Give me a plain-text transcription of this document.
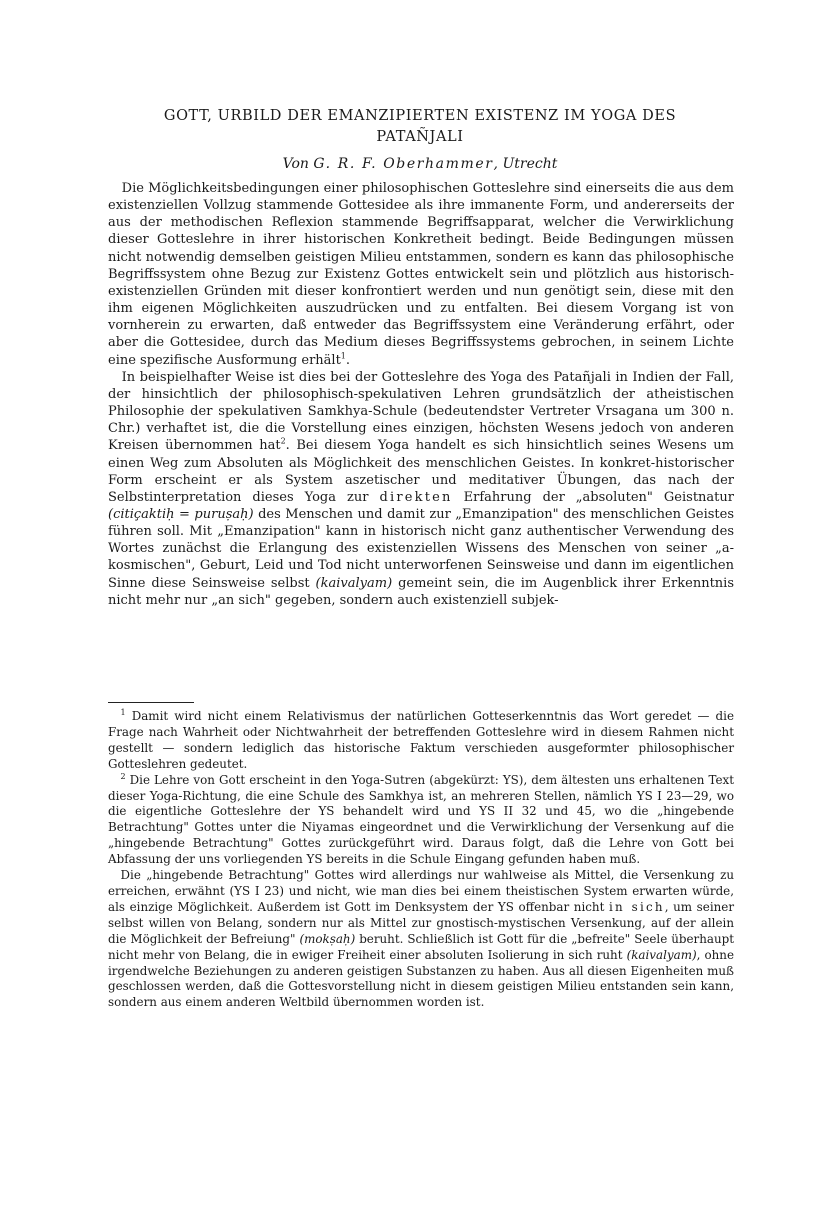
GOTT, URBILD DER EMANZIPIERTEN EXISTENZ IM YOGA DES
PATAÑJALI
Von G. R. F. Oberhammer, Utrecht

Die Möglichkeitsbedingungen einer philosophischen Gotteslehre sind einerseits die aus dem existenziellen Vollzug stammende Gottesidee als ihre immanente Form, und andererseits der aus der methodischen Reflexion stammende Begriffsapparat, welcher die Verwirklichung dieser Gotteslehre in ihrer historischen Konkretheit bedingt. Beide Bedingungen müssen nicht notwendig demselben geistigen Milieu entstammen, sondern es kann das philosophische Begriffssystem ohne Bezug zur Existenz Gottes entwickelt sein und plötzlich aus historisch-existenziellen Gründen mit dieser konfrontiert werden und nun genötigt sein, diese mit den ihm eigenen Möglichkeiten auszudrücken und zu entfalten. Bei diesem Vorgang ist von vornherein zu erwarten, daß entweder das Begriffssystem eine Veränderung erfährt, oder aber die Gottesidee, durch das Medium dieses Begriffssystems gebrochen, in seinem Lichte eine spezifische Ausformung erhält$^1$.

In beispielhafter Weise ist dies bei der Gotteslehre des Yoga des Patañjali in Indien der Fall, der hinsichtlich der philosophisch-spekulativen Lehren grundsätzlich der atheistischen Philosophie der spekulativen Samkhya-Schule (bedeutendster Vertreter Vrsagana um 300 n. Chr.) verhaftet ist, die die Vorstellung eines einzigen, höchsten Wesens jedoch von anderen Kreisen übernommen hat$^2$. Bei diesem Yoga handelt es sich hinsichtlich seines Wesens um einen Weg zum Absoluten als Möglichkeit des menschlichen Geistes. In konkret-historischer Form erscheint er als System aszetischer und meditativer Übungen, das nach der Selbstinterpretation dieses Yoga zur direkten Erfahrung der „absoluten" Geistnatur (citiçaktiḥ = puruṣaḥ) des Menschen und damit zur „Emanzipation" des menschlichen Geistes führen soll. Mit „Emanzipation" kann in historisch nicht ganz authentischer Verwendung des Wortes zunächst die Erlangung des existenziellen Wissens des Menschen von seiner „a-kosmischen", Geburt, Leid und Tod nicht unterworfenen Seinsweise und dann im eigentlichen Sinne diese Seinsweise selbst (kaivalyam) gemeint sein, die im Augenblick ihrer Erkenntnis nicht mehr nur „an sich" gegeben, sondern auch existenziell subjek-

$^1$ Damit wird nicht einem Relativismus der natürlichen Gotteserkenntnis das Wort geredet — die Frage nach Wahrheit oder Nichtwahrheit der betreffenden Gotteslehre wird in diesem Rahmen nicht gestellt — sondern lediglich das historische Faktum verschieden ausgeformter philosophischer Gotteslehren gedeutet.

$^2$ Die Lehre von Gott erscheint in den Yoga-Sutren (abgekürzt: YS), dem ältesten uns erhaltenen Text dieser Yoga-Richtung, die eine Schule des Samkhya ist, an mehreren Stellen, nämlich YS I 23—29, wo die eigentliche Gotteslehre der YS behandelt wird und YS II 32 und 45, wo die „hingebende Betrachtung" Gottes unter die Niyamas eingeordnet und die Verwirklichung der Versenkung auf die „hingebende Betrachtung" Gottes zurückgeführt wird. Daraus folgt, daß die Lehre von Gott bei Abfassung der uns vorliegenden YS bereits in die Schule Eingang gefunden haben muß.

Die „hingebende Betrachtung" Gottes wird allerdings nur wahlweise als Mittel, die Versenkung zu erreichen, erwähnt (YS I 23) und nicht, wie man dies bei einem theistischen System erwarten würde, als einzige Möglichkeit. Außerdem ist Gott im Denksystem der YS offenbar nicht in sich, um seiner selbst willen von Belang, sondern nur als Mittel zur gnostisch-mystischen Versenkung, auf der allein die Möglichkeit der Befreiung" (mokṣaḥ) beruht. Schließlich ist Gott für die „befreite" Seele überhaupt nicht mehr von Belang, die in ewiger Freiheit einer absoluten Isolierung in sich ruht (kaivalyam), ohne irgendwelche Beziehungen zu anderen geistigen Substanzen zu haben. Aus all diesen Eigenheiten muß geschlossen werden, daß die Gottesvorstellung nicht in diesem geistigen Milieu entstanden sein kann, sondern aus einem anderen Weltbild übernommen worden ist.
